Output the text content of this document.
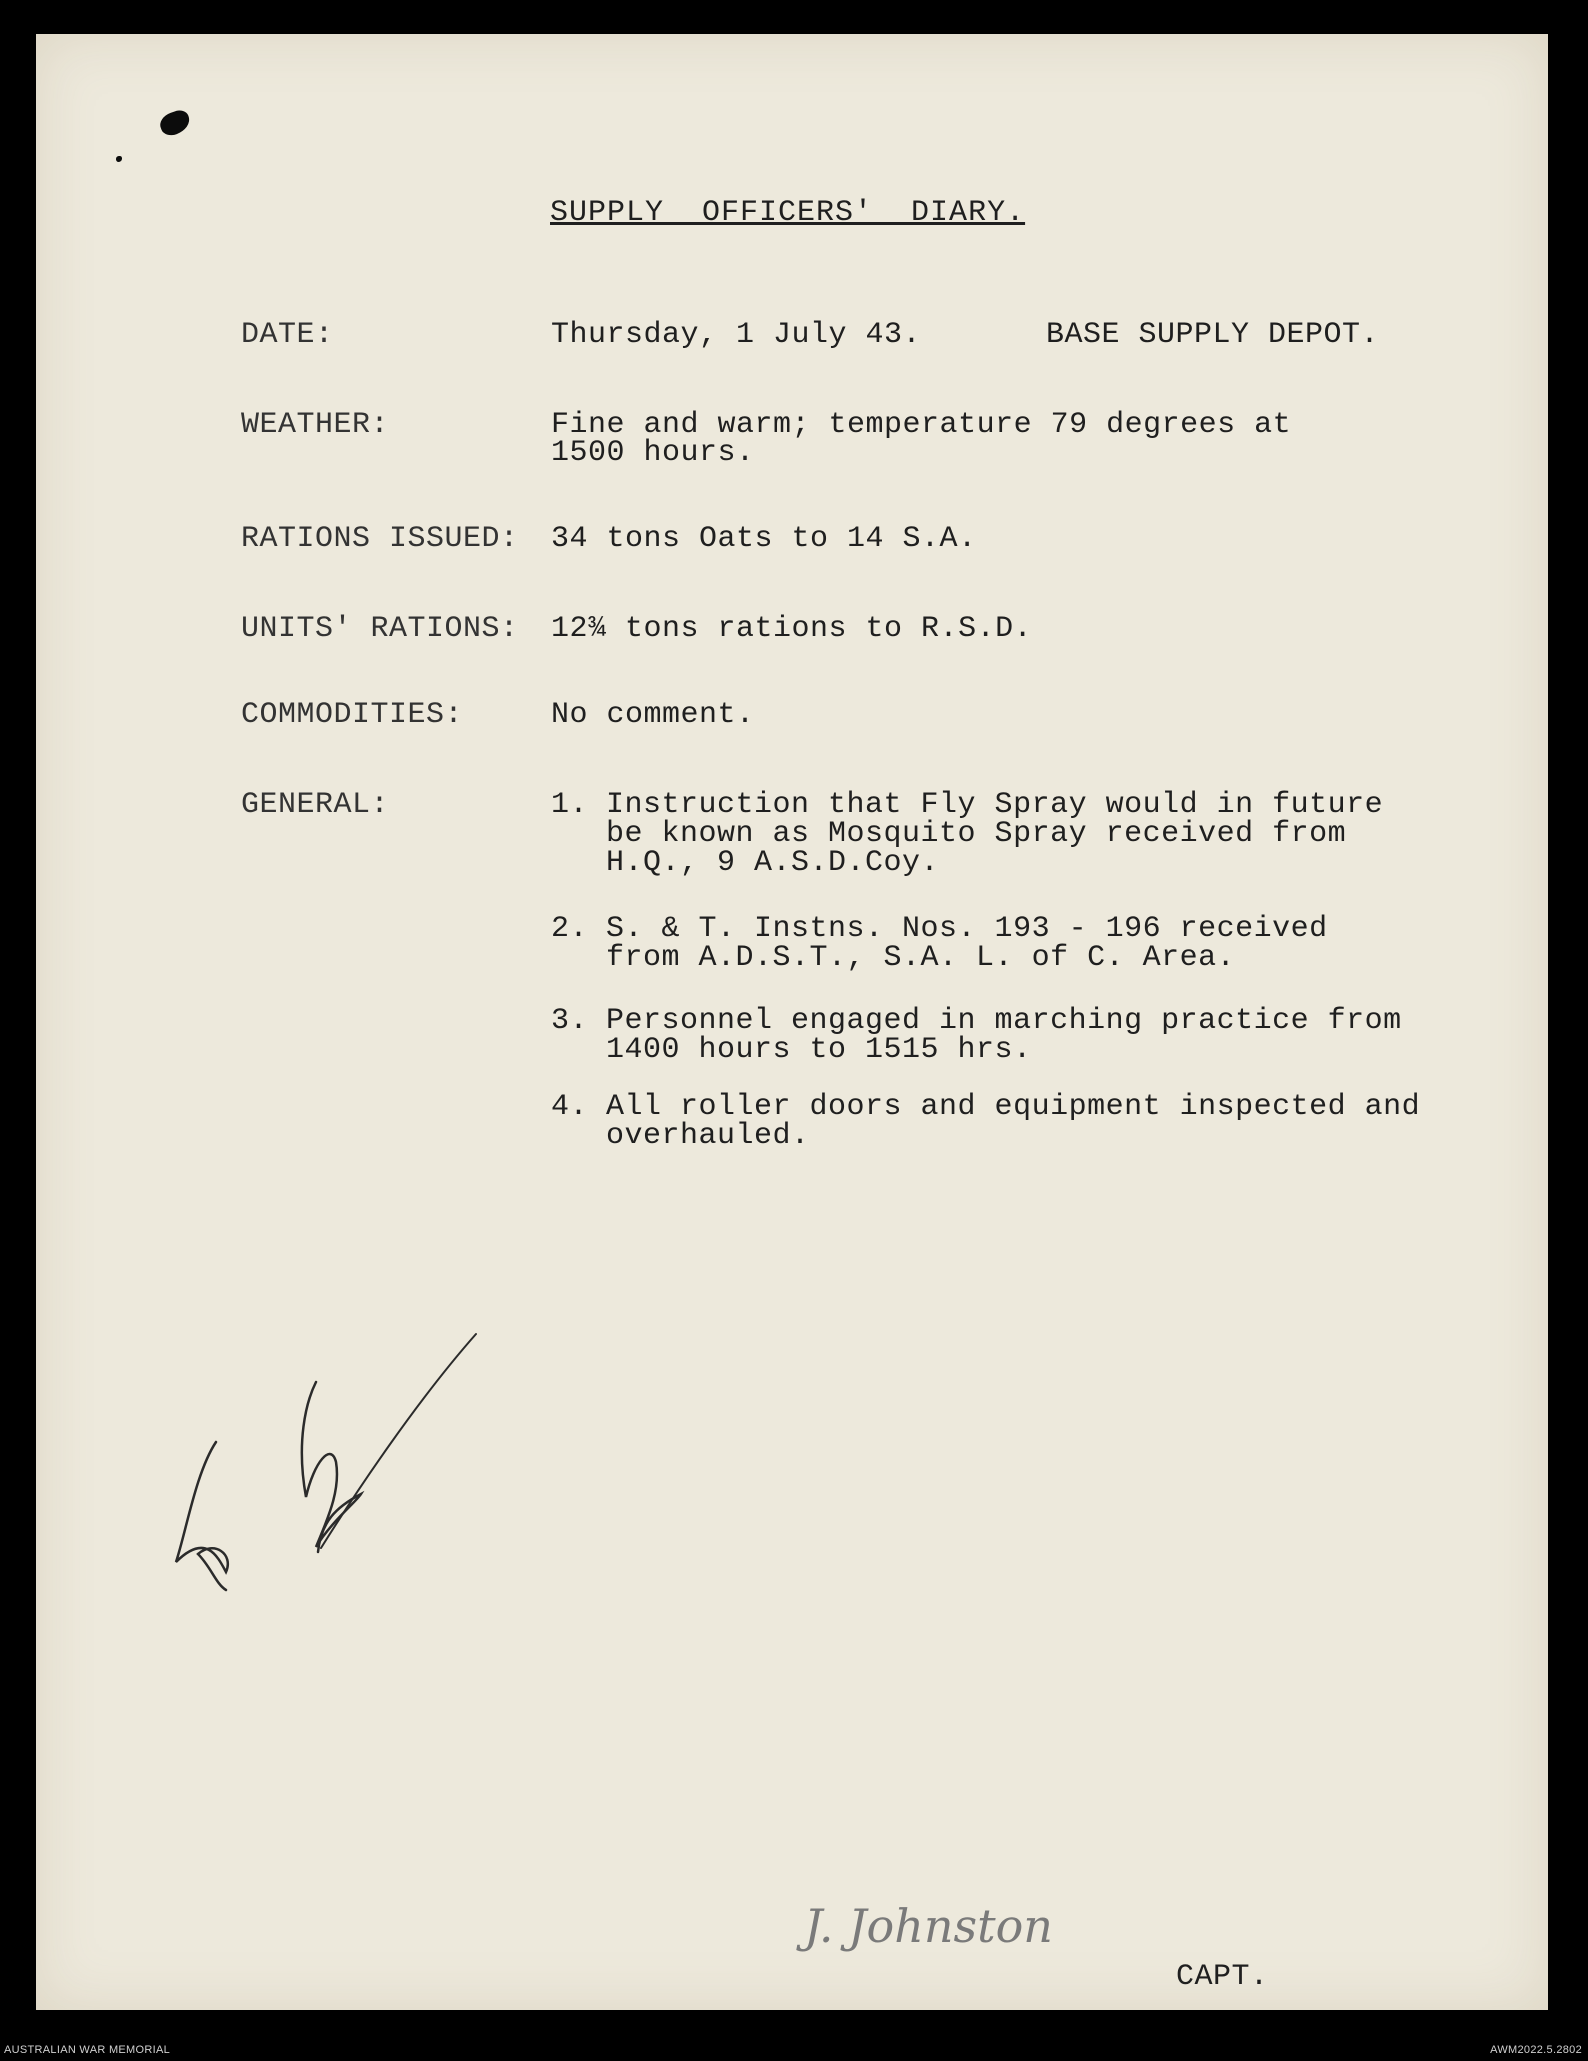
SUPPLY  OFFICERS'  DIARY.
DATE:	Thursday, 1 July 43.	BASE SUPPLY DEPOT.
WEATHER:	Fine and warm; temperature 79 degrees at
1500 hours.
RATIONS ISSUED: 34 tons Oats to 14 S.A.
UNITS' RATIONS: 12¾ tons rations to R.S.D.
COMMODITIES:	No comment.
GENERAL:	1. Instruction that Fly Spray would in future
be known as Mosquito Spray received from
H.Q., 9 A.S.D.Coy.
2. S. & T. Instns. Nos. 193 - 196 received
from A.D.S.T., S.A. L. of C. Area.
3. Personnel engaged in marching practice from
1400 hours to 1515 hrs.
4. All roller doors and equipment inspected and
overhauled.
J. Johnston
CAPT.
AUSTRALIAN WAR MEMORIAL	AWM2022.5.2802
